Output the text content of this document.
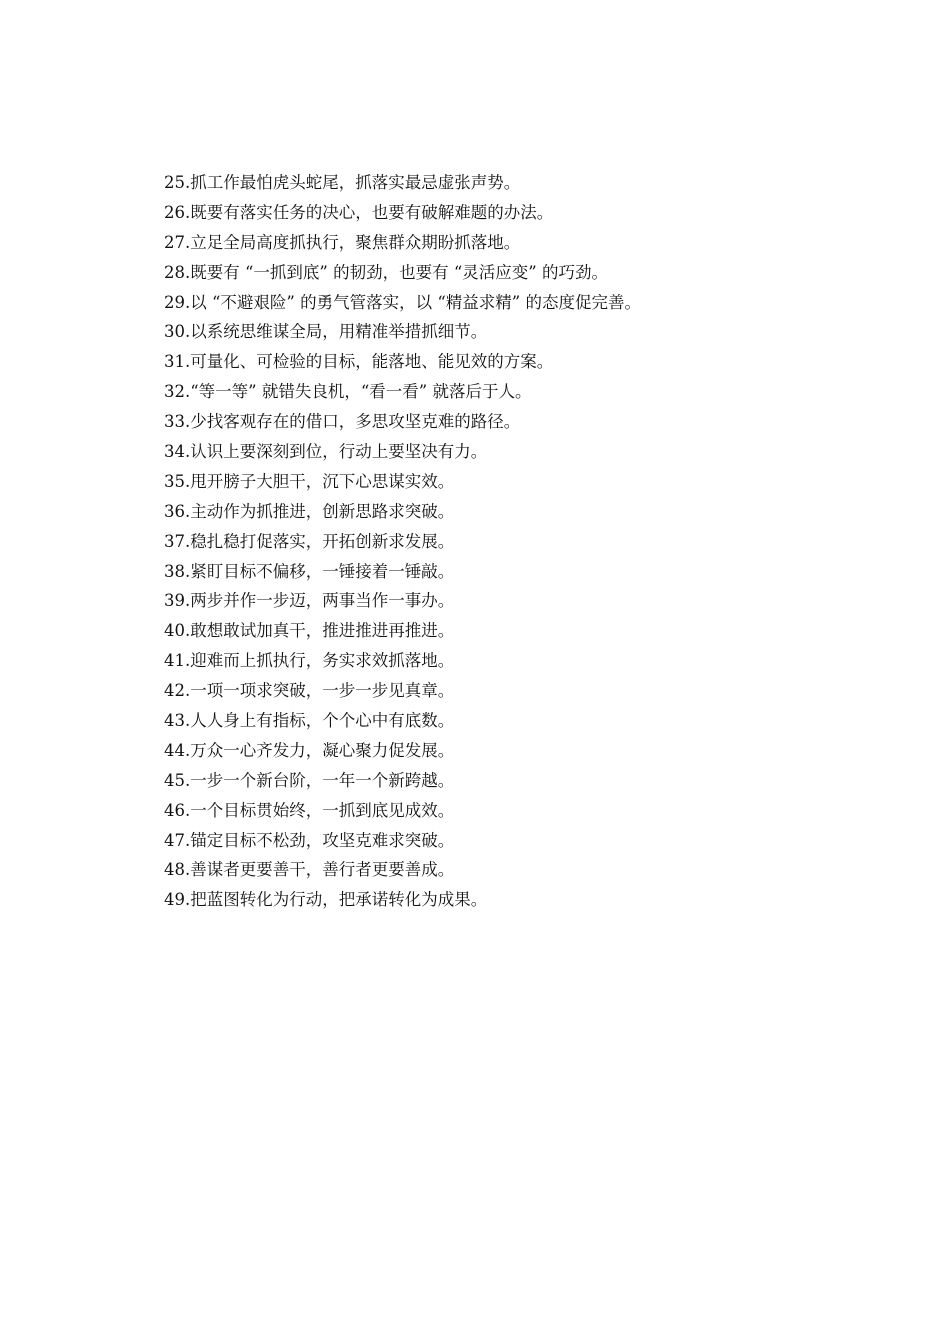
25.抓工作最怕虎头蛇尾，抓落实最忌虚张声势。
26.既要有落实任务的决心，也要有破解难题的办法。
27.立足全局高度抓执行，聚焦群众期盼抓落地。
28.既要有 “一抓到底” 的韧劲，也要有 “灵活应变” 的巧劲。
29.以 “不避艰险” 的勇气管落实，以 “精益求精” 的态度促完善。
30.以系统思维谋全局，用精准举措抓细节。
31.可量化、可检验的目标，能落地、能见效的方案。
32.“等一等” 就错失良机，“看一看” 就落后于人。
33.少找客观存在的借口，多思攻坚克难的路径。
34.认识上要深刻到位，行动上要坚决有力。
35.甩开膀子大胆干，沉下心思谋实效。
36.主动作为抓推进，创新思路求突破。
37.稳扎稳打促落实，开拓创新求发展。
38.紧盯目标不偏移，一锤接着一锤敲。
39.两步并作一步迈，两事当作一事办。
40.敢想敢试加真干，推进推进再推进。
41.迎难而上抓执行，务实求效抓落地。
42.一项一项求突破，一步一步见真章。
43.人人身上有指标，个个心中有底数。
44.万众一心齐发力，凝心聚力促发展。
45.一步一个新台阶，一年一个新跨越。
46.一个目标贯始终，一抓到底见成效。
47.锚定目标不松劲，攻坚克难求突破。
48.善谋者更要善干，善行者更要善成。
49.把蓝图转化为行动，把承诺转化为成果。
